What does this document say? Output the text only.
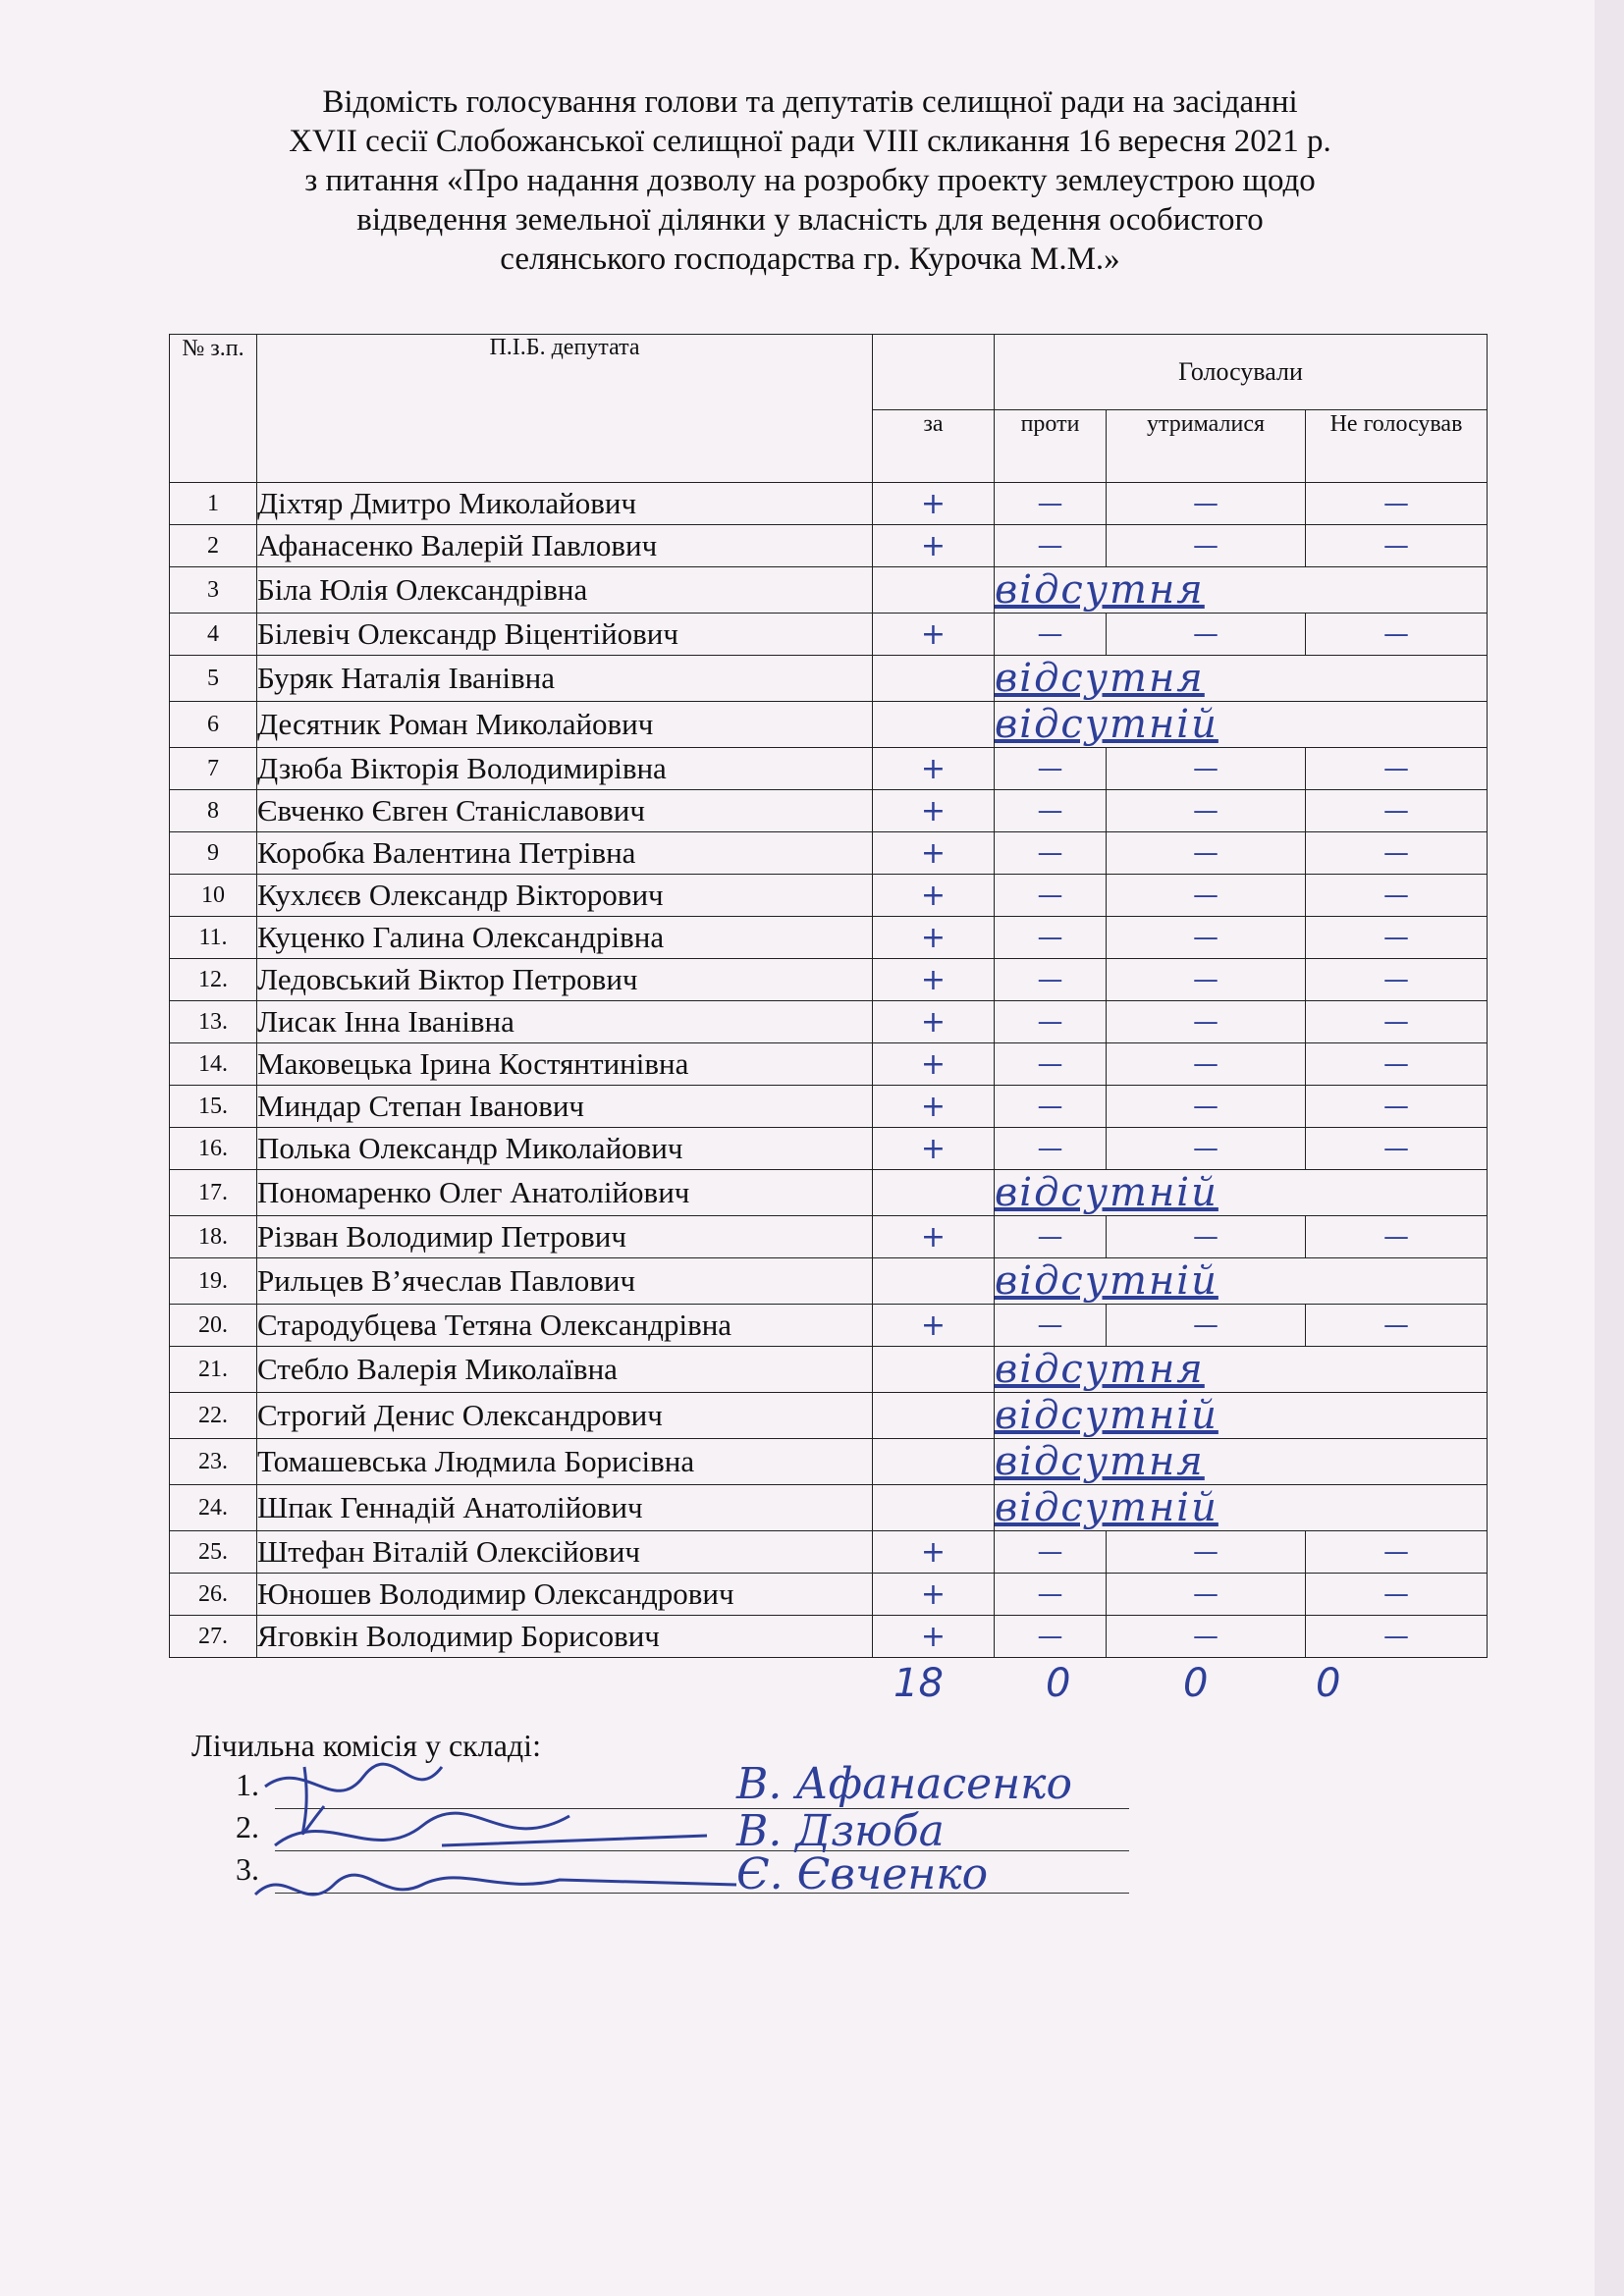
Відомість голосування голови та депутатів селищної ради на засіданні
XVII сесії Слобожанської селищної ради VIII скликання 16 вересня 2021 р.
з питання «Про надання дозволу на розробку проекту землеустрою щодо
відведення земельної ділянки у власність для ведення особистого
селянського господарства гр. Курочка М.М.»
№ з.п.	П.І.Б. депутата		Голосували		
		за	проти	утрималися	Не голосував
1	Діхтяр Дмитро Миколайович	+	—	—	—
2	Афанасенко Валерій Павлович	+	—	—	—
3	Біла Юлія Олександрівна		відсутня		
4	Білевіч Олександр Віцентійович	+	—	—	—
5	Буряк Наталія Іванівна		відсутня		
6	Десятник Роман Миколайович		відсутній		
7	Дзюба Вікторія Володимирівна	+	—	—	—
8	Євченко Євген Станіславович	+	—	—	—
9	Коробка Валентина Петрівна	+	—	—	—
10	Кухлєєв Олександр Вікторович	+	—	—	—
11.	Куценко Галина Олександрівна	+	—	—	—
12.	Ледовський Віктор Петрович	+	—	—	—
13.	Лисак Інна Іванівна	+	—	—	—
14.	Маковецька Ірина Костянтинівна	+	—	—	—
15.	Миндар Степан Іванович	+	—	—	—
16.	Полька Олександр Миколайович	+	—	—	—
17.	Пономаренко Олег Анатолійович		відсутній		
18.	Різван Володимир Петрович	+	—	—	—
19.	Рильцев В’ячеслав Павлович		відсутній		
20.	Стародубцева Тетяна Олександрівна	+	—	—	—
21.	Стебло Валерія Миколаївна		відсутня		
22.	Строгий Денис Олександрович		відсутній		
23.	Томашевська Людмила Борисівна		відсутня		
24.	Шпак Геннадій Анатолійович		відсутній		
25.	Штефан Віталій Олексійович	+	—	—	—
26.	Юношев Володимир Олександрович	+	—	—	—
27.	Яговкін Володимир Борисович	+	—	—	—
18	0	0	0
Лічильна комісія у складі:
1.	В. Афанасенко
2.	В. Дзюба
3.	Є. Євченко
